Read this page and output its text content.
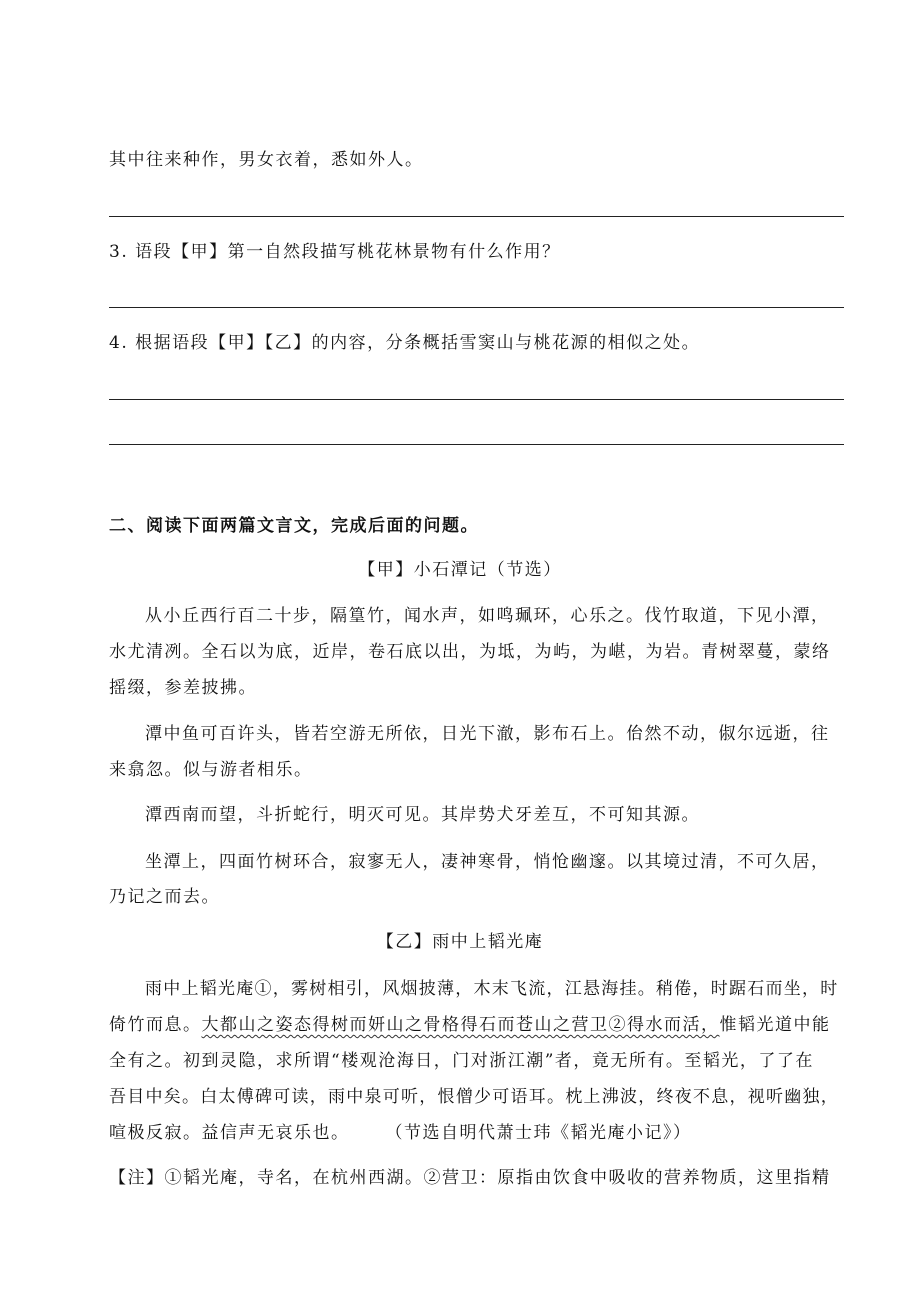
其中往来种作，男女衣着，悉如外人。
3. 语段【甲】第一自然段描写桃花林景物有什么作用？
4. 根据语段【甲】【乙】的内容，分条概括雪窦山与桃花源的相似之处。
二、阅读下面两篇文言文，完成后面的问题。
【甲】小石潭记（节选）
从小丘西行百二十步，隔篁竹，闻水声，如鸣珮环，心乐之。伐竹取道，下见小潭，
水尤清冽。全石以为底，近岸，卷石底以出，为坻，为屿，为嵁，为岩。青树翠蔓，蒙络
摇缀，参差披拂。
潭中鱼可百许头，皆若空游无所依，日光下澈，影布石上。佁然不动，俶尔远逝，往
来翕忽。似与游者相乐。
潭西南而望，斗折蛇行，明灭可见。其岸势犬牙差互，不可知其源。
坐潭上，四面竹树环合，寂寥无人，凄神寒骨，悄怆幽邃。以其境过清，不可久居，
乃记之而去。
【乙】雨中上韬光庵
雨中上韬光庵①，雾树相引，风烟披薄，木末飞流，江悬海挂。稍倦，时踞石而坐，时
倚竹而息。大都山之姿态得树而妍山之骨格得石而苍山之营卫②得水而活，惟韬光道中能
全有之。初到灵隐，求所谓“楼观沧海日，门对浙江潮”者，竟无所有。至韬光，了了在
吾目中矣。白太傅碑可读，雨中泉可听，恨僧少可语耳。枕上沸波，终夜不息，视听幽独，
喧极反寂。益信声无哀乐也。 （节选自明代萧士玮《韬光庵小记》）
【注】①韬光庵，寺名，在杭州西湖。②营卫：原指由饮食中吸收的营养物质，这里指精
